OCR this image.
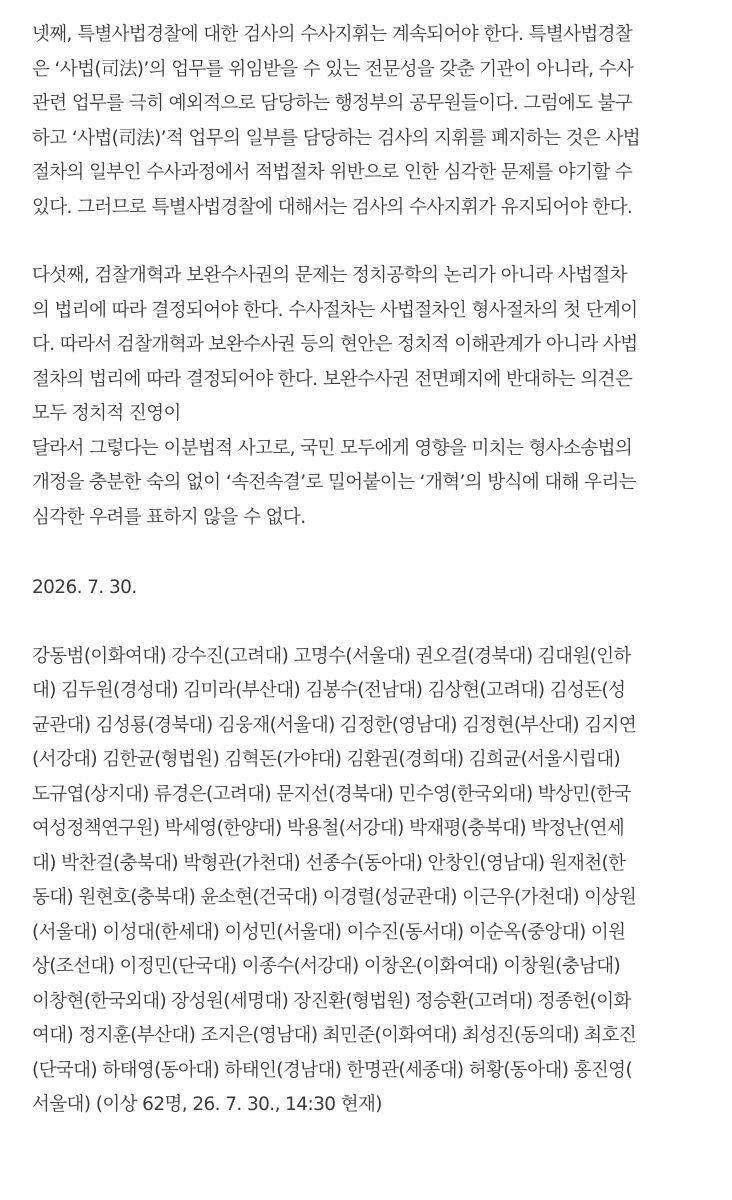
넷째, 특별사법경찰에 대한 검사의 수사지휘는 계속되어야 한다. 특별사법경찰
은 ‘사법(司法)’의 업무를 위임받을 수 있는 전문성을 갖춘 기관이 아니라, 수사
관련 업무를 극히 예외적으로 담당하는 행정부의 공무원들이다. 그럼에도 불구
하고 ‘사법(司法)’적 업무의 일부를 담당하는 검사의 지휘를 폐지하는 것은 사법
절차의 일부인 수사과정에서 적법절차 위반으로 인한 심각한 문제를 야기할 수
있다. 그러므로 특별사법경찰에 대해서는 검사의 수사지휘가 유지되어야 한다.

다섯째, 검찰개혁과 보완수사권의 문제는 정치공학의 논리가 아니라 사법절차
의 법리에 따라 결정되어야 한다. 수사절차는 사법절차인 형사절차의 첫 단계이
다. 따라서 검찰개혁과 보완수사권 등의 현안은 정치적 이해관계가 아니라 사법
절차의 법리에 따라 결정되어야 한다. 보완수사권 전면폐지에 반대하는 의견은
모두 정치적 진영이
달라서 그렇다는 이분법적 사고로, 국민 모두에게 영향을 미치는 형사소송법의
개정을 충분한 숙의 없이 ‘속전속결’로 밀어붙이는 ‘개혁’의 방식에 대해 우리는
심각한 우려를 표하지 않을 수 없다.

2026. 7. 30.

강동범(이화여대) 강수진(고려대) 고명수(서울대) 권오걸(경북대) 김대원(인하
대) 김두원(경성대) 김미라(부산대) 김봉수(전남대) 김상현(고려대) 김성돈(성
균관대) 김성룡(경북대) 김웅재(서울대) 김정한(영남대) 김정현(부산대) 김지연
(서강대) 김한균(형법원) 김혁돈(가야대) 김환권(경희대) 김희균(서울시립대)
도규엽(상지대) 류경은(고려대) 문지선(경북대) 민수영(한국외대) 박상민(한국
여성정책연구원) 박세영(한양대) 박용철(서강대) 박재평(충북대) 박정난(연세
대) 박찬걸(충북대) 박형관(가천대) 선종수(동아대) 안창인(영남대) 원재천(한
동대) 원현호(충북대) 윤소현(건국대) 이경렬(성균관대) 이근우(가천대) 이상원
(서울대) 이성대(한세대) 이성민(서울대) 이수진(동서대) 이순옥(중앙대) 이원
상(조선대) 이정민(단국대) 이종수(서강대) 이창온(이화여대) 이창원(충남대)
이창현(한국외대) 장성원(세명대) 장진환(형법원) 정승환(고려대) 정종헌(이화
여대) 정지훈(부산대) 조지은(영남대) 최민준(이화여대) 최성진(동의대) 최호진
(단국대) 하태영(동아대) 하태인(경남대) 한명관(세종대) 허황(동아대) 홍진영(
서울대) (이상 62명, 26. 7. 30., 14:30 현재)
